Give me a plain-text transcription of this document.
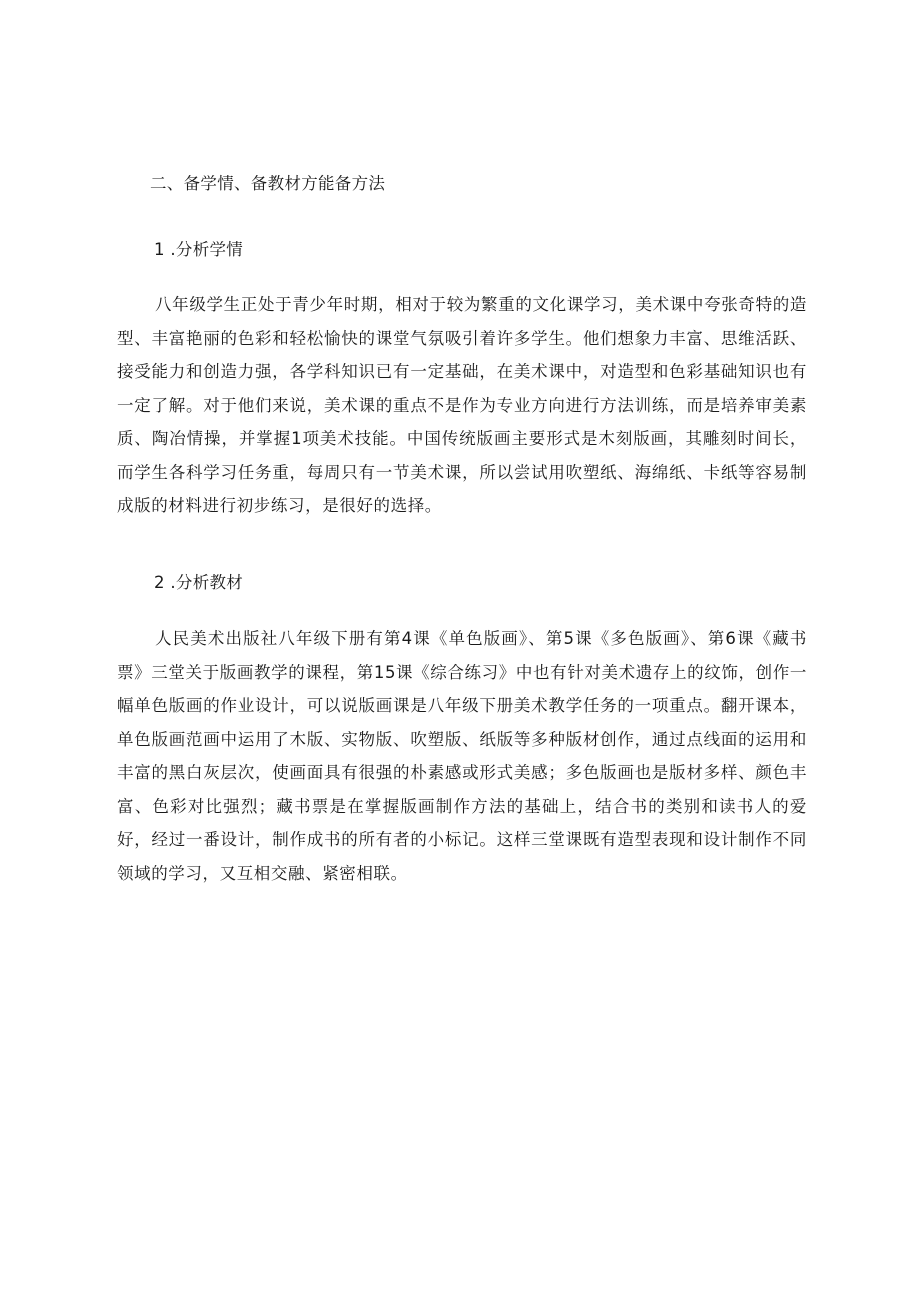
二、备学情、备教材方能备方法
1 .分析学情
八年级学生正处于青少年时期，相对于较为繁重的文化课学习，美术课中夸张奇特的造型、丰富艳丽的色彩和轻松愉快的课堂气氛吸引着许多学生。他们想象力丰富、思维活跃、接受能力和创造力强，各学科知识已有一定基础，在美术课中，对造型和色彩基础知识也有一定了解。对于他们来说，美术课的重点不是作为专业方向进行方法训练，而是培养审美素质、陶冶情操，并掌握1项美术技能。中国传统版画主要形式是木刻版画，其雕刻时间长，而学生各科学习任务重，每周只有一节美术课，所以尝试用吹塑纸、海绵纸、卡纸等容易制成版的材料进行初步练习，是很好的选择。
2 .分析教材
人民美术出版社八年级下册有第4课《单色版画》、第5课《多色版画》、第6课《藏书票》三堂关于版画教学的课程，第15课《综合练习》中也有针对美术遗存上的纹饰，创作一幅单色版画的作业设计，可以说版画课是八年级下册美术教学任务的一项重点。翻开课本，单色版画范画中运用了木版、实物版、吹塑版、纸版等多种版材创作，通过点线面的运用和丰富的黑白灰层次，使画面具有很强的朴素感或形式美感；多色版画也是版材多样、颜色丰富、色彩对比强烈；藏书票是在掌握版画制作方法的基础上，结合书的类别和读书人的爱好，经过一番设计，制作成书的所有者的小标记。这样三堂课既有造型表现和设计制作不同领域的学习，又互相交融、紧密相联。
